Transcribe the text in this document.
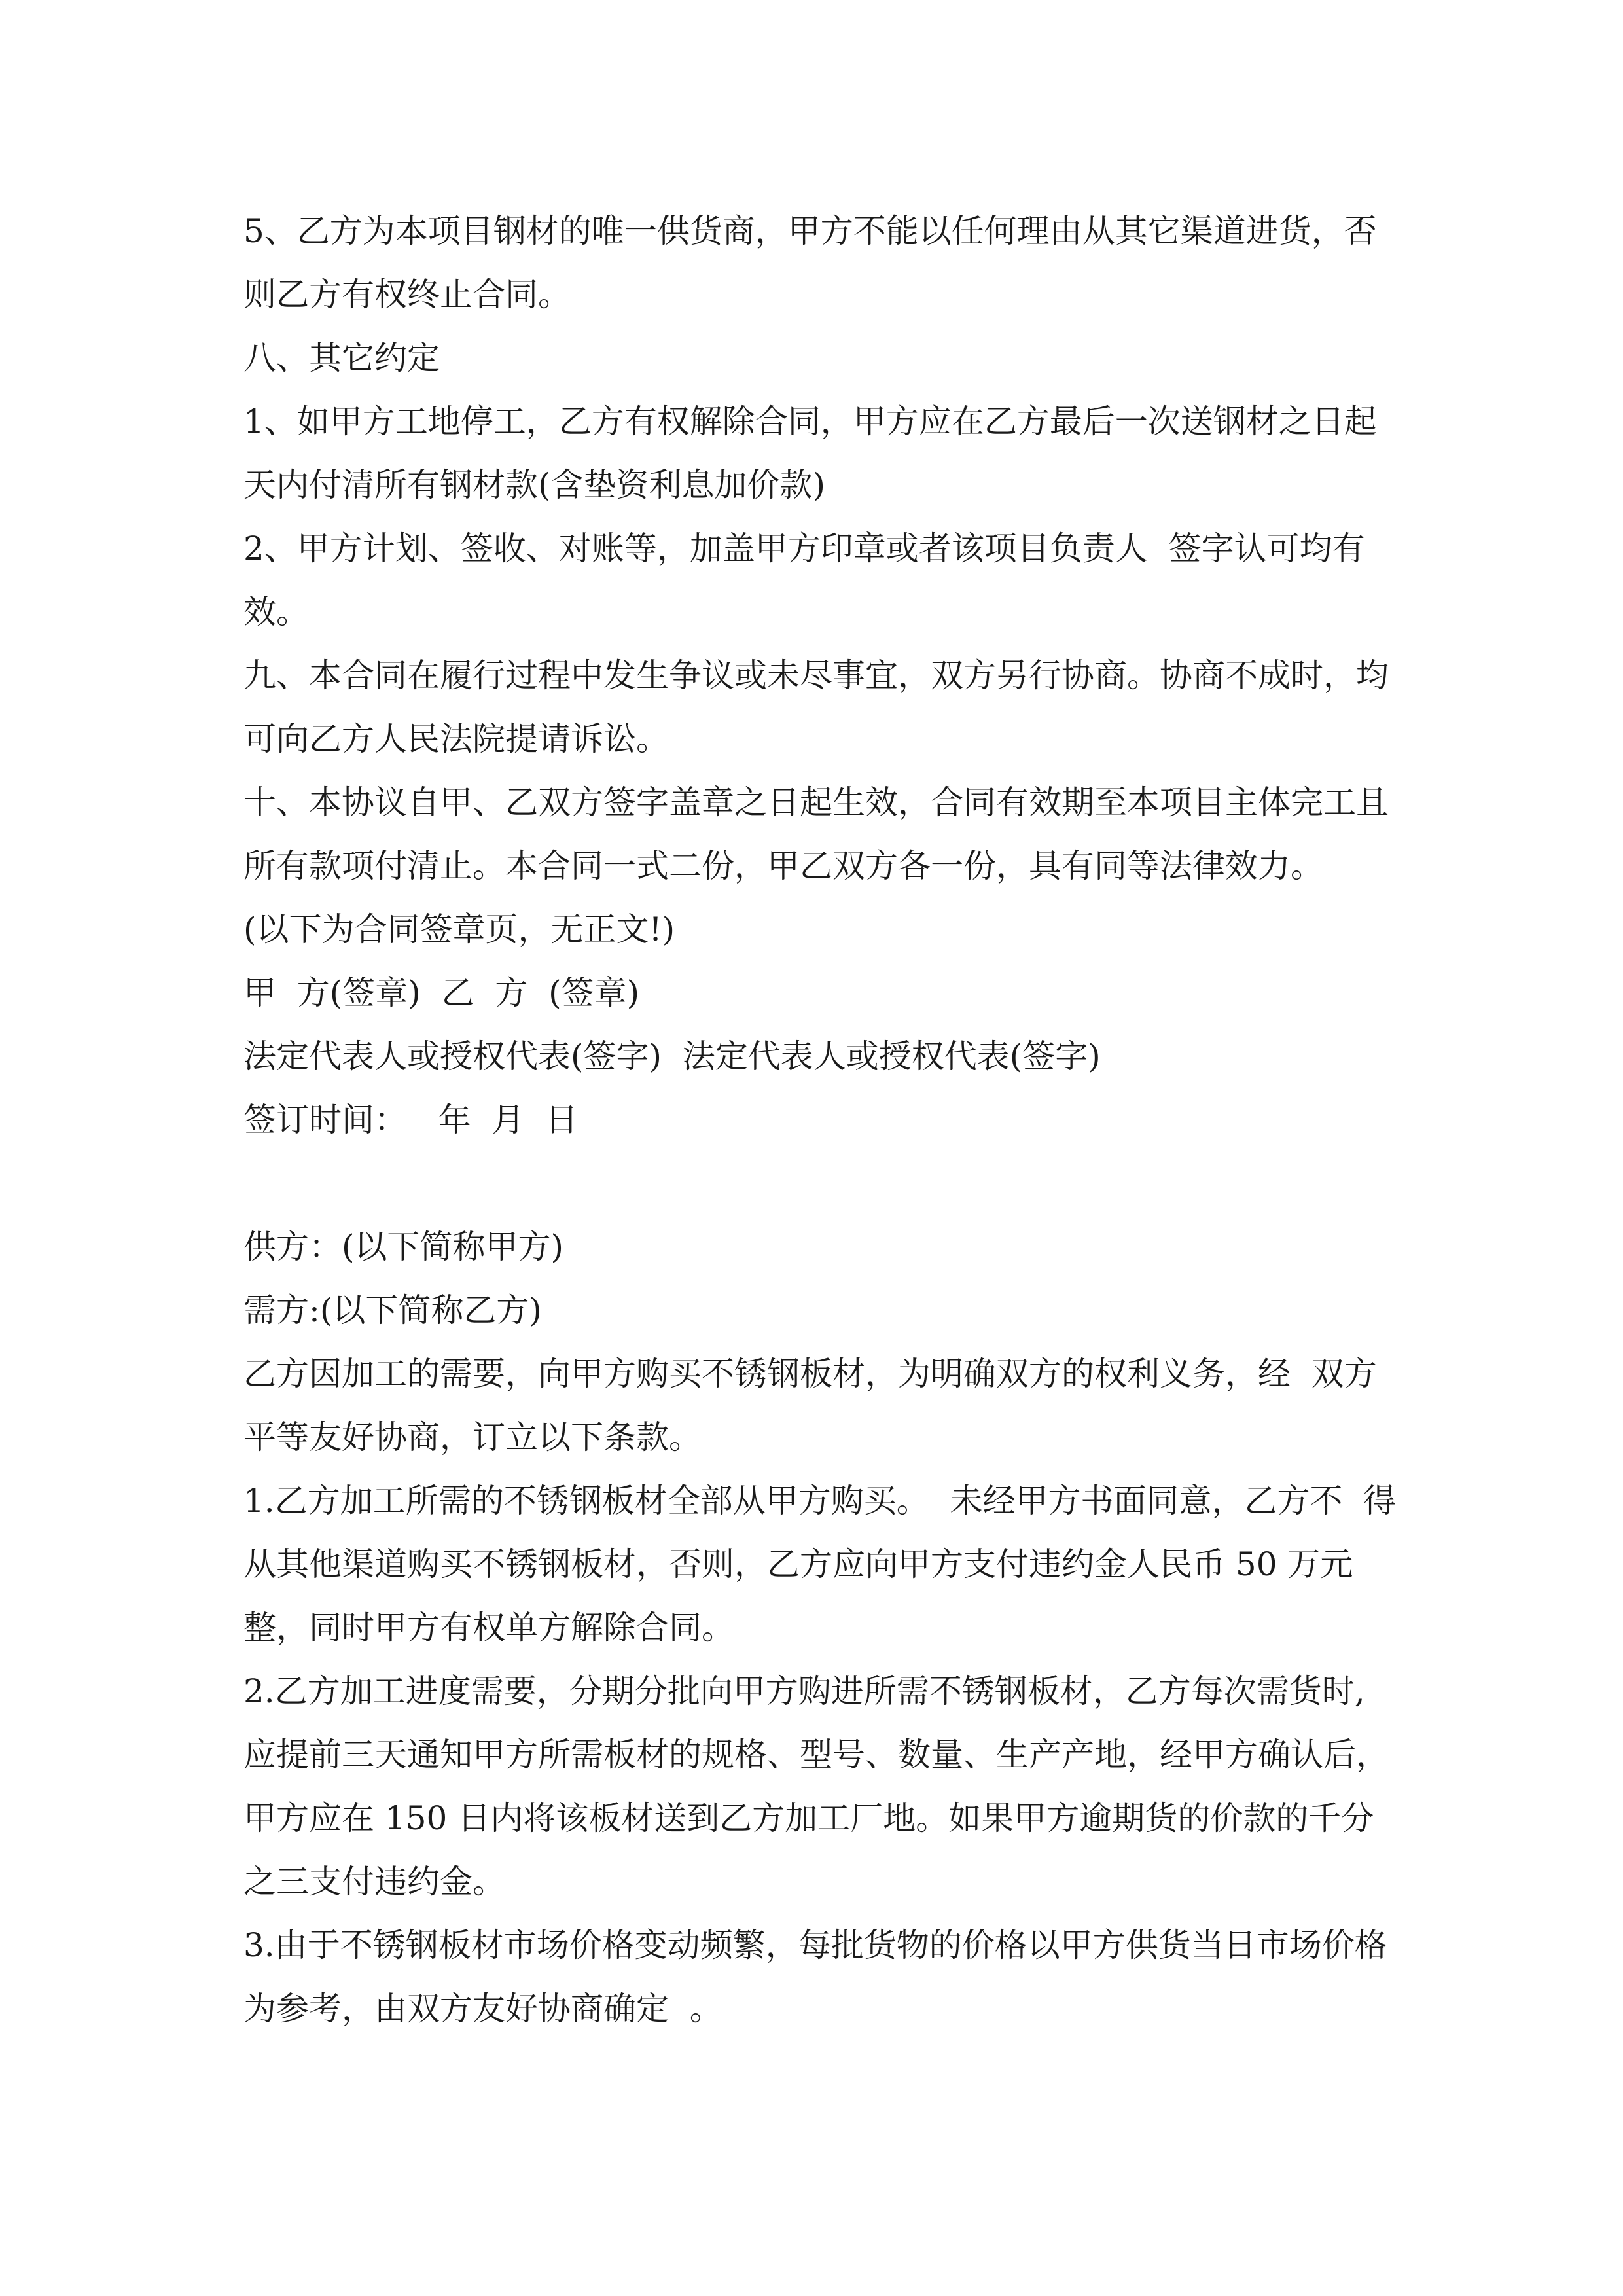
5、乙方为本项目钢材的唯一供货商，甲方不能以任何理由从其它渠道进货，否

则乙方有权终止合同。

八、其它约定

1、如甲方工地停工，乙方有权解除合同，甲方应在乙方最后一次送钢材之日起

天内付清所有钢材款(含垫资利息加价款)

2、甲方计划、签收、对账等，加盖甲方印章或者该项目负责人  签字认可均有

效。

九、本合同在履行过程中发生争议或未尽事宜，双方另行协商。协商不成时，均

可向乙方人民法院提请诉讼。

十、本协议自甲、乙双方签字盖章之日起生效，合同有效期至本项目主体完工且

所有款项付清止。本合同一式二份，甲乙双方各一份，具有同等法律效力。

(以下为合同签章页，无正文!)

甲  方(签章)  乙  方  (签章)

法定代表人或授权代表(签字)  法定代表人或授权代表(签字)

签订时间：   年  月  日

供方：(以下简称甲方)

需方:(以下简称乙方)

乙方因加工的需要，向甲方购买不锈钢板材，为明确双方的权利义务，经  双方

平等友好协商，订立以下条款。

1.乙方加工所需的不锈钢板材全部从甲方购买。  未经甲方书面同意，乙方不  得

从其他渠道购买不锈钢板材，否则，乙方应向甲方支付违约金人民币 50 万元

整，同时甲方有权单方解除合同。

2.乙方加工进度需要，分期分批向甲方购进所需不锈钢板材，乙方每次需货时,

应提前三天通知甲方所需板材的规格、型号、数量、生产产地，经甲方确认后，

甲方应在 150 日内将该板材送到乙方加工厂地。如果甲方逾期货的价款的千分

之三支付违约金。

3.由于不锈钢板材市场价格变动频繁，每批货物的价格以甲方供货当日市场价格

为参考，由双方友好协商确定  。
